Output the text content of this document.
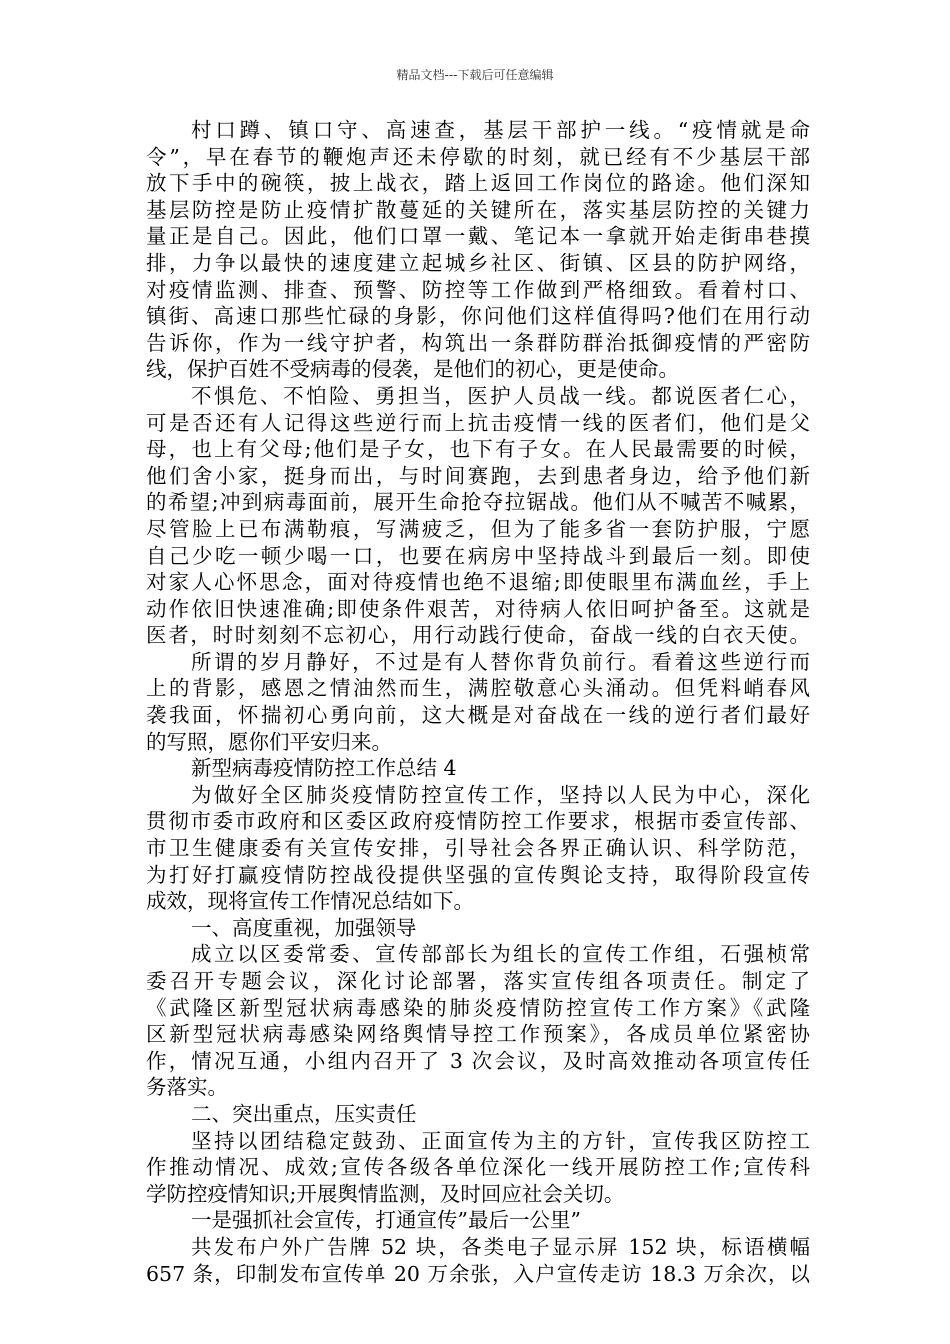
精品文档---下载后可任意编辑
村口蹲、镇口守、高速查，基层干部护一线。“疫情就是命
令”，早在春节的鞭炮声还未停歇的时刻，就已经有不少基层干部
放下手中的碗筷，披上战衣，踏上返回工作岗位的路途。他们深知
基层防控是防止疫情扩散蔓延的关键所在，落实基层防控的关键力
量正是自己。因此，他们口罩一戴、笔记本一拿就开始走街串巷摸
排，力争以最快的速度建立起城乡社区、街镇、区县的防护网络，
对疫情监测、排查、预警、防控等工作做到严格细致。看着村口、
镇街、高速口那些忙碌的身影，你问他们这样值得吗?他们在用行动
告诉你，作为一线守护者，构筑出一条群防群治抵御疫情的严密防
线，保护百姓不受病毒的侵袭，是他们的初心，更是使命。
不惧危、不怕险、勇担当，医护人员战一线。都说医者仁心，
可是否还有人记得这些逆行而上抗击疫情一线的医者们，他们是父
母，也上有父母;他们是子女，也下有子女。在人民最需要的时候，
他们舍小家，挺身而出，与时间赛跑，去到患者身边，给予他们新
的希望;冲到病毒面前，展开生命抢夺拉锯战。他们从不喊苦不喊累，
尽管脸上已布满勒痕，写满疲乏，但为了能多省一套防护服，宁愿
自己少吃一顿少喝一口，也要在病房中坚持战斗到最后一刻。即使
对家人心怀思念，面对待疫情也绝不退缩;即使眼里布满血丝，手上
动作依旧快速准确;即使条件艰苦，对待病人依旧呵护备至。这就是
医者，时时刻刻不忘初心，用行动践行使命，奋战一线的白衣天使。
所谓的岁月静好，不过是有人替你背负前行。看着这些逆行而
上的背影，感恩之情油然而生，满腔敬意心头涌动。但凭料峭春风
袭我面，怀揣初心勇向前，这大概是对奋战在一线的逆行者们最好
的写照，愿你们平安归来。
新型病毒疫情防控工作总结 4
为做好全区肺炎疫情防控宣传工作，坚持以人民为中心，深化
贯彻市委市政府和区委区政府疫情防控工作要求，根据市委宣传部、
市卫生健康委有关宣传安排，引导社会各界正确认识、科学防范，
为打好打赢疫情防控战役提供坚强的宣传舆论支持，取得阶段宣传
成效，现将宣传工作情况总结如下。
一、高度重视，加强领导
成立以区委常委、宣传部部长为组长的宣传工作组，石强桢常
委召开专题会议，深化讨论部署，落实宣传组各项责任。制定了
《武隆区新型冠状病毒感染的肺炎疫情防控宣传工作方案》《武隆
区新型冠状病毒感染网络舆情导控工作预案》，各成员单位紧密协
作，情况互通，小组内召开了 3 次会议，及时高效推动各项宣传任
务落实。
二、突出重点，压实责任
坚持以团结稳定鼓劲、正面宣传为主的方针，宣传我区防控工
作推动情况、成效;宣传各级各单位深化一线开展防控工作;宣传科
学防控疫情知识;开展舆情监测，及时回应社会关切。
一是强抓社会宣传，打通宣传”最后一公里”
共发布户外广告牌 52 块，各类电子显示屏 152 块，标语横幅
657 条，印制发布宣传单 20 万余张，入户宣传走访 18.3 万余次，以
